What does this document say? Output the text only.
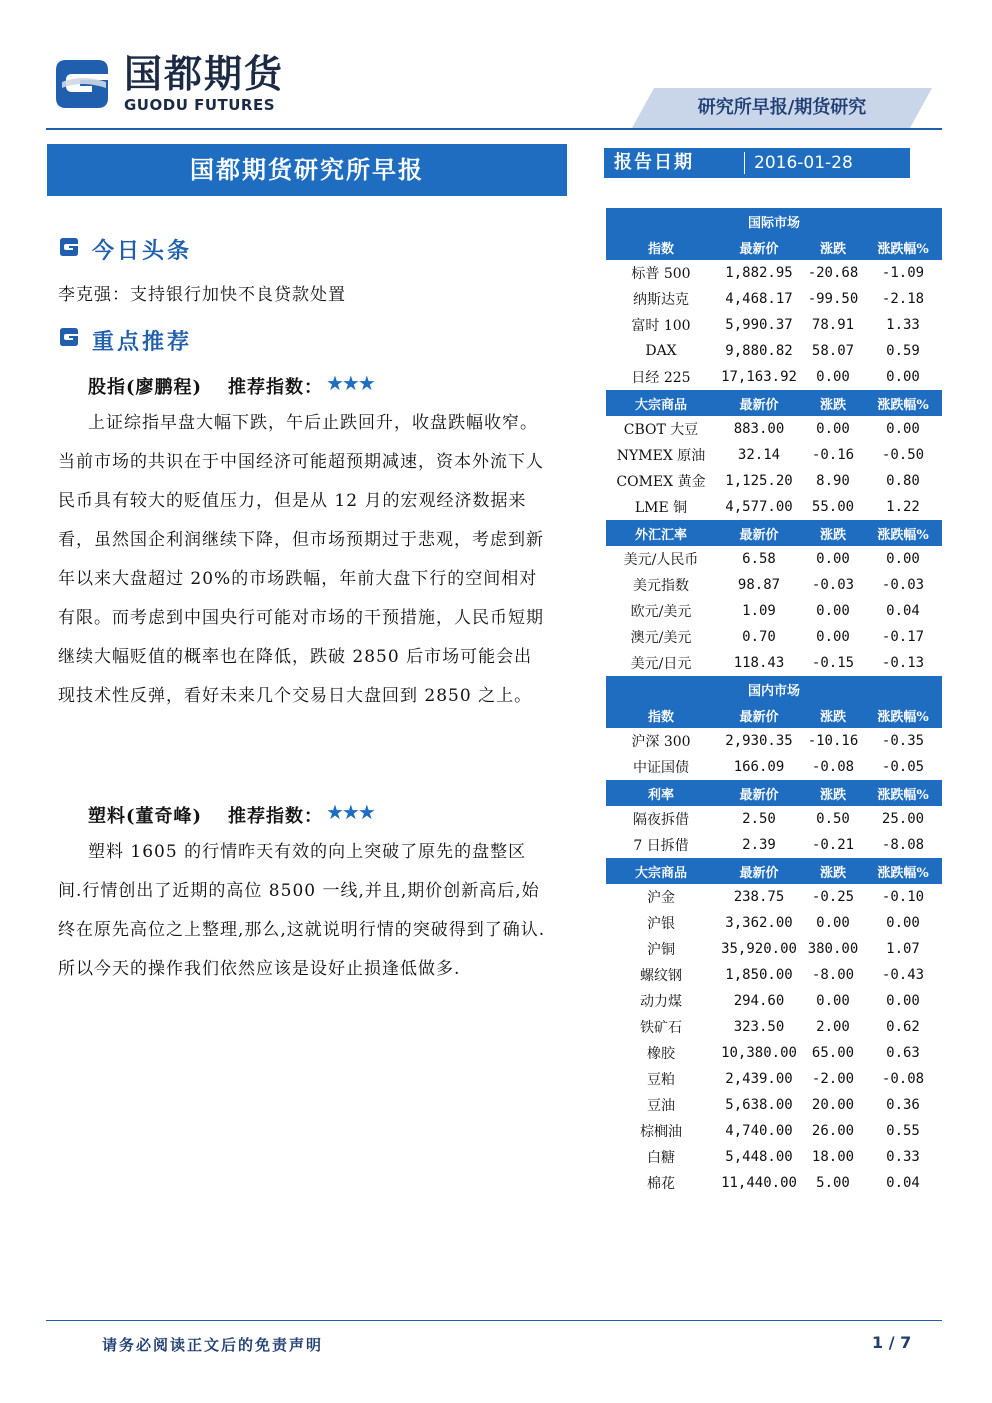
国都期货
GUODU FUTURES	研究所早报/期货研究
国都期货研究所早报	报告日期	2016-01-28
今日头条
李克强：支持银行加快不良贷款处置
重点推荐
股指(廖鹏程) 推荐指数： ★★★
上证综指早盘大幅下跌，午后止跌回升，收盘跌幅收窄。当前市场的共识在于中国经济可能超预期减速，资本外流下人民币具有较大的贬值压力，但是从 12 月的宏观经济数据来看，虽然国企利润继续下降，但市场预期过于悲观，考虑到新年以来大盘超过 20%的市场跌幅，年前大盘下行的空间相对有限。而考虑到中国央行可能对市场的干预措施，人民币短期继续大幅贬值的概率也在降低，跌破 2850 后市场可能会出现技术性反弹，看好未来几个交易日大盘回到 2850 之上。
塑料(董奇峰) 推荐指数： ★★★
塑料 1605 的行情昨天有效的向上突破了原先的盘整区间.行情创出了近期的高位 8500 一线,并且,期价创新高后,始终在原先高位之上整理,那么,这就说明行情的突破得到了确认.所以今天的操作我们依然应该是设好止损逢低做多.
国际市场			
指数	最新价	涨跌	涨跌幅%
标普 500	1,882.95	-20.68	-1.09
纳斯达克	4,468.17	-99.50	-2.18
富时 100	5,990.37	78.91	1.33
DAX	9,880.82	58.07	0.59
日经 225	17,163.92	0.00	0.00
大宗商品	最新价	涨跌	涨跌幅%
CBOT 大豆	883.00	0.00	0.00
NYMEX 原油	32.14	-0.16	-0.50
COMEX 黄金	1,125.20	8.90	0.80
LME 铜	4,577.00	55.00	1.22
外汇汇率	最新价	涨跌	涨跌幅%
美元/人民币	6.58	0.00	0.00
美元指数	98.87	-0.03	-0.03
欧元/美元	1.09	0.00	0.04
澳元/美元	0.70	0.00	-0.17
美元/日元	118.43	-0.15	-0.13
国内市场			
指数	最新价	涨跌	涨跌幅%
沪深 300	2,930.35	-10.16	-0.35
中证国债	166.09	-0.08	-0.05
利率	最新价	涨跌	涨跌幅%
隔夜拆借	2.50	0.50	25.00
7 日拆借	2.39	-0.21	-8.08
大宗商品	最新价	涨跌	涨跌幅%
沪金	238.75	-0.25	-0.10
沪银	3,362.00	0.00	0.00
沪铜	35,920.00	380.00	1.07
螺纹钢	1,850.00	-8.00	-0.43
动力煤	294.60	0.00	0.00
铁矿石	323.50	2.00	0.62
橡胶	10,380.00	65.00	0.63
豆粕	2,439.00	-2.00	-0.08
豆油	5,638.00	20.00	0.36
棕榈油	4,740.00	26.00	0.55
白糖	5,448.00	18.00	0.33
棉花	11,440.00	5.00	0.04
请务必阅读正文后的免责声明	1 / 7
